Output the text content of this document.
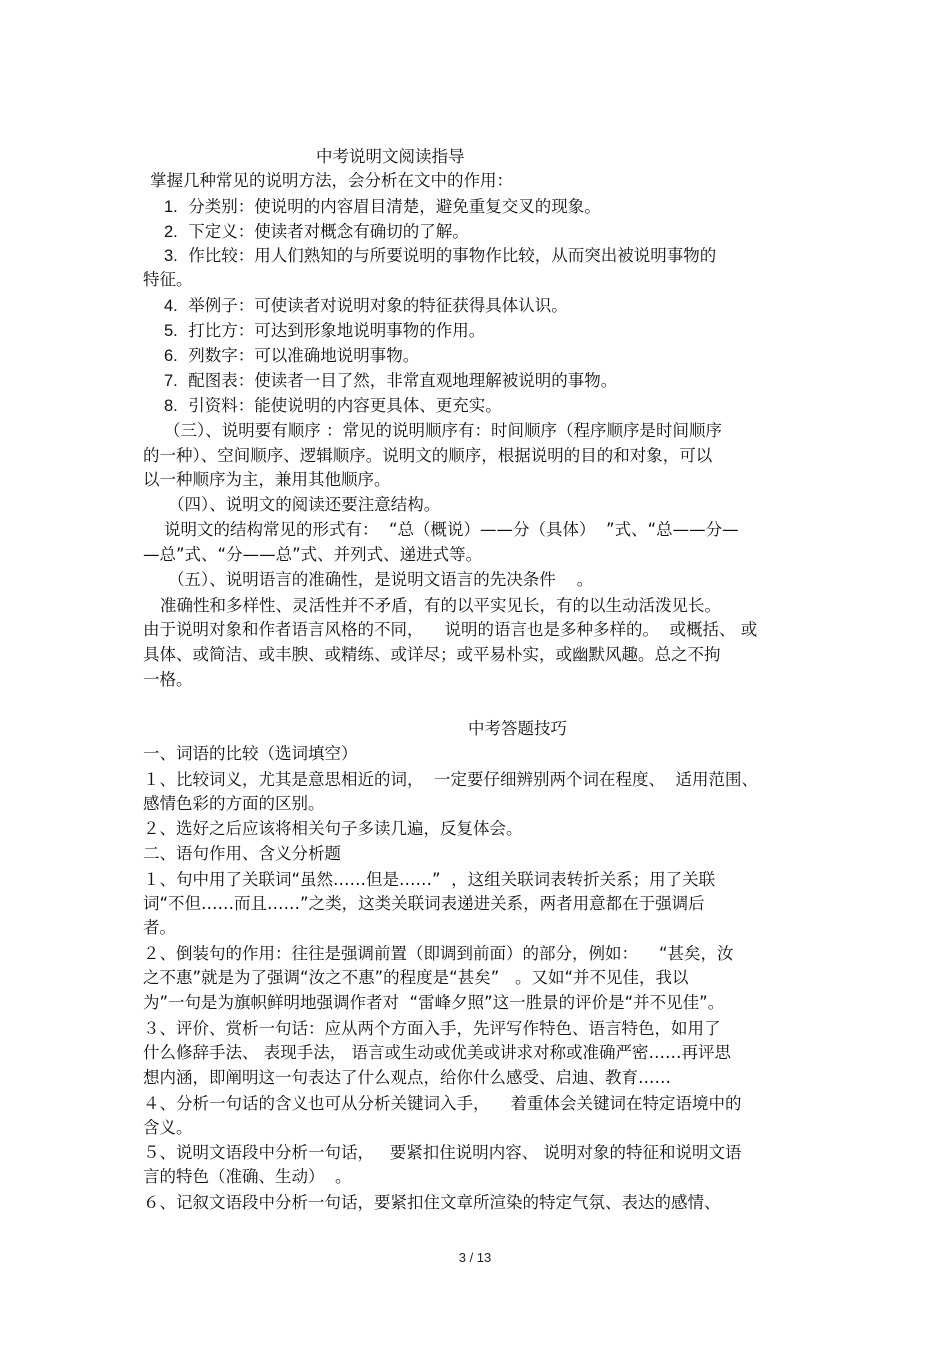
中考说明文阅读指导

掌握几种常见的说明方法，会分析在文中的作用：

1. 分类别：使说明的内容眉目清楚，避免重复交叉的现象。

2. 下定义：使读者对概念有确切的了解。

3. 作比较：用人们熟知的与所要说明的事物作比较，从而突出被说明事物的

特征。

4. 举例子：可使读者对说明对象的特征获得具体认识。

5. 打比方：可达到形象地说明事物的作用。

6. 列数字：可以准确地说明事物。

7. 配图表：使读者一目了然，非常直观地理解被说明的事物。

8. 引资料：能使说明的内容更具体、更充实。

（三）、说明要有顺序 ：常见的说明顺序有：时间顺序（程序顺序是时间顺序

的一种）、空间顺序、逻辑顺序。说明文的顺序，根据说明的目的和对象，可以

以一种顺序为主，兼用其他顺序。

（四）、说明文的阅读还要注意结构。

说明文的结构常见的形式有：  “总（概说）——分（具体）  ”式、“总——分—

—总”式、“分——总”式、并列式、递进式等。

（五）、说明语言的准确性，是说明文语言的先决条件    。

准确性和多样性、灵活性并不矛盾，有的以平实见长，有的以生动活泼见长。

由于说明对象和作者语言风格的不同，    说明的语言也是多种多样的。  或概括、 或

具体、或简洁、或丰腴、或精练、或详尽；或平易朴实，或幽默风趣。总之不拘

一格。

中考答题技巧

一、词语的比较（选词填空）

１、比较词义，尤其是意思相近的词，  一定要仔细辨别两个词在程度、  适用范围、

感情色彩的方面的区别。

２、选好之后应该将相关句子多读几遍，反复体会。

二、语句作用、含义分析题

１、句中用了关联词“虽然……但是……”  ，这组关联词表转折关系；用了关联

词“不但……而且……”之类，这类关联词表递进关系，两者用意都在于强调后

者。

２、倒装句的作用：往往是强调前置（即调到前面）的部分，例如：    “甚矣，汝

之不惠”就是为了强调“汝之不惠”的程度是“甚矣”   。又如“并不见佳，我以

为”一句是为旗帜鲜明地强调作者对  “雷峰夕照”这一胜景的评价是“并不见佳”。

３、评价、赏析一句话：应从两个方面入手，先评写作特色、语言特色，如用了

什么修辞手法、 表现手法， 语言或生动或优美或讲求对称或准确严密……再评思

想内涵，即阐明这一句表达了什么观点，给你什么感受、启迪、教育……

４、分析一句话的含义也可从分析关键词入手，    着重体会关键词在特定语境中的

含义。

５、说明文语段中分析一句话，   要紧扣住说明内容、 说明对象的特征和说明文语

言的特色（准确、生动）  。

６、记叙文语段中分析一句话，要紧扣住文章所渲染的特定气氛、表达的感情、

3 / 13
